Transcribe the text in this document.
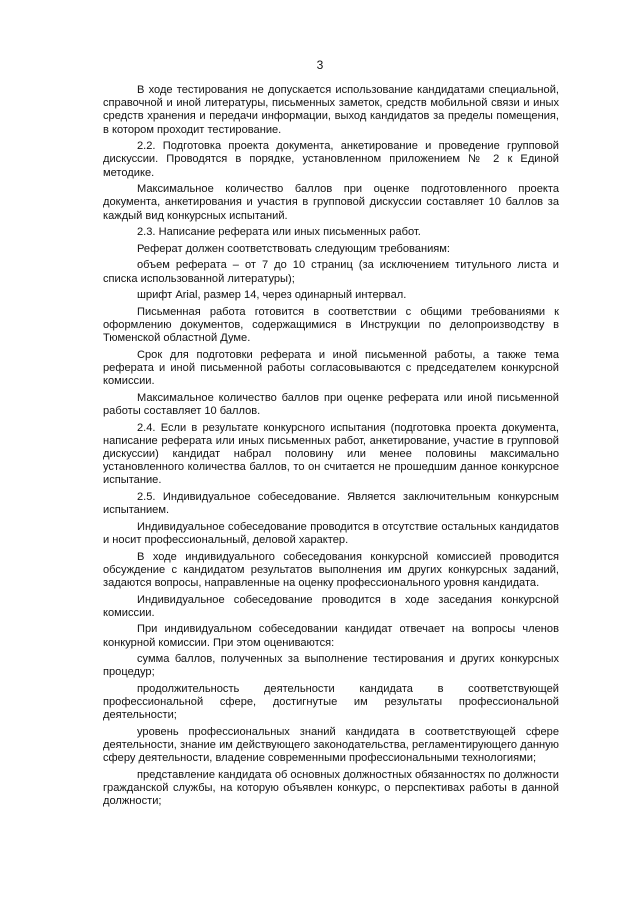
3

В ходе тестирования не допускается использование кандидатами специальной, справочной и иной литературы, письменных заметок, средств мобильной связи и иных средств хранения и передачи информации, выход кандидатов за пределы помещения, в котором проходит тестирование.

2.2. Подготовка проекта документа, анкетирование и проведение групповой дискуссии. Проводятся в порядке, установленном приложением № 2 к Единой методике.

Максимальное количество баллов при оценке подготовленного проекта документа, анкетирования и участия в групповой дискуссии составляет 10 баллов за каждый вид конкурсных испытаний.

2.3. Написание реферата или иных письменных работ.

Реферат должен соответствовать следующим требованиям:

объем реферата – от 7 до 10 страниц (за исключением титульного листа и списка использованной литературы);

шрифт Arial, размер 14, через одинарный интервал.

Письменная работа готовится в соответствии с общими требованиями к оформлению документов, содержащимися в Инструкции по делопроизводству в Тюменской областной Думе.

Срок для подготовки реферата и иной письменной работы, а также тема реферата и иной письменной работы согласовываются с председателем конкурсной комиссии.

Максимальное количество баллов при оценке реферата или иной письменной работы составляет 10 баллов.

2.4. Если в результате конкурсного испытания (подготовка проекта документа, написание реферата или иных письменных работ, анкетирование, участие в групповой дискуссии) кандидат набрал половину или менее половины максимально установленного количества баллов, то он считается не прошедшим данное конкурсное испытание.

2.5. Индивидуальное собеседование. Является заключительным конкурсным испытанием.

Индивидуальное собеседование проводится в отсутствие остальных кандидатов и носит профессиональный, деловой характер.

В ходе индивидуального собеседования конкурсной комиссией проводится обсуждение с кандидатом результатов выполнения им других конкурсных заданий, задаются вопросы, направленные на оценку профессионального уровня кандидата.

Индивидуальное собеседование проводится в ходе заседания конкурсной комиссии.

При индивидуальном собеседовании кандидат отвечает на вопросы членов конкурной комиссии. При этом оцениваются:

сумма баллов, полученных за выполнение тестирования и других конкурсных процедур;

продолжительность деятельности кандидата в соответствующей профессиональной сфере, достигнутые им результаты профессиональной деятельности;

уровень профессиональных знаний кандидата в соответствующей сфере деятельности, знание им действующего законодательства, регламентирующего данную сферу деятельности, владение современными профессиональными технологиями;

представление кандидата об основных должностных обязанностях по должности гражданской службы, на которую объявлен конкурс, о перспективах работы в данной должности;
